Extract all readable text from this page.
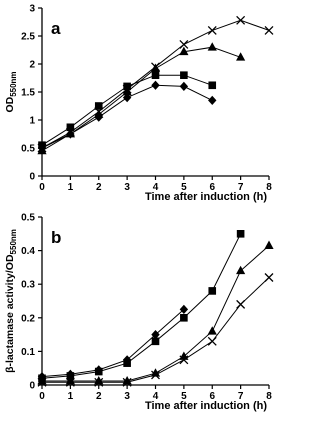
a
$OD_{550nm}$
Time after induction (h)
0 1 2 3 4 5 6 7 8
0
0.5
1
1.5
2
2.5
3
b
β-lactamase activity/$OD_{550nm}$
Time after induction (h)
0 1 2 3 4 5 6 7 8
0
0.1
0.2
0.3
0.4
0.5
